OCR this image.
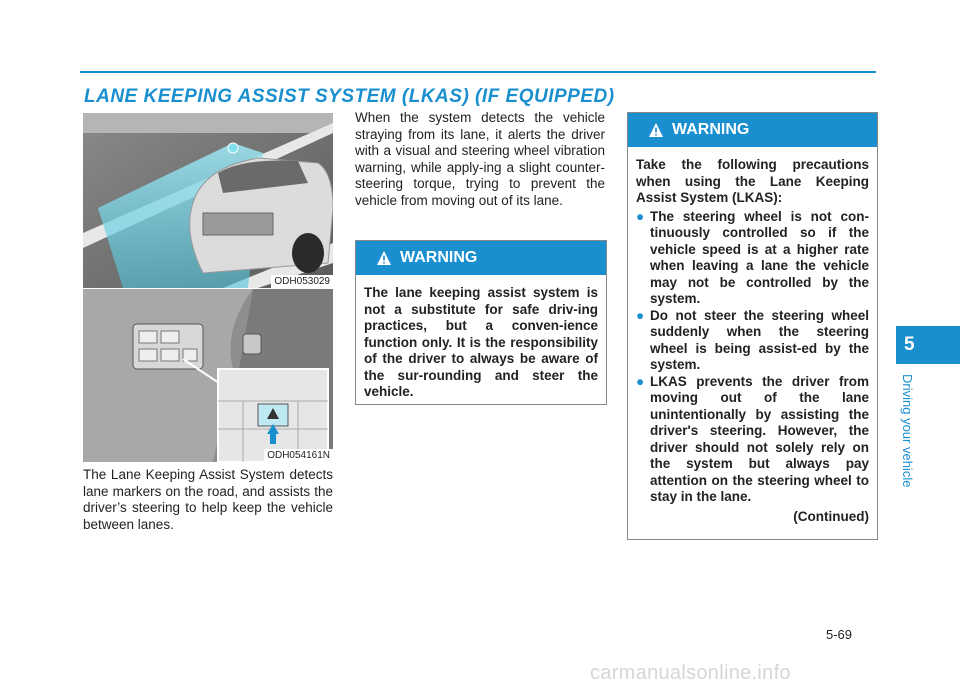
LANE KEEPING ASSIST SYSTEM (LKAS) (IF EQUIPPED)
ODH053029
ODH054161N

The Lane Keeping Assist System detects lane markers on the road, and assists the driver’s steering to help keep the vehicle between lanes.

When the system detects the vehicle straying from its lane, it alerts the driver with a visual and steering wheel vibration warning, while apply-ing a slight counter-steering torque, trying to prevent the vehicle from moving out of its lane.

WARNING
The lane keeping assist system is not a substitute for safe driv-ing practices, but a conven-ience function only. It is the responsibility of the driver to always be aware of the sur-rounding and steer the vehicle.
WARNING
Take the following precautions when using the Lane Keeping Assist System (LKAS):
● The steering wheel is not con-tinuously controlled so if the vehicle speed is at a higher rate when leaving a lane the vehicle may not be controlled by the system.
● Do not steer the steering wheel suddenly when the steering wheel is being assist-ed by the system.
● LKAS prevents the driver from moving out of the lane unintentionally by assisting the driver's steering. However, the driver should not solely rely on the system but always pay attention on the steering wheel to stay in the lane.
(Continued)
5
Driving your vehicle
5-69
carmanualsonline.info
